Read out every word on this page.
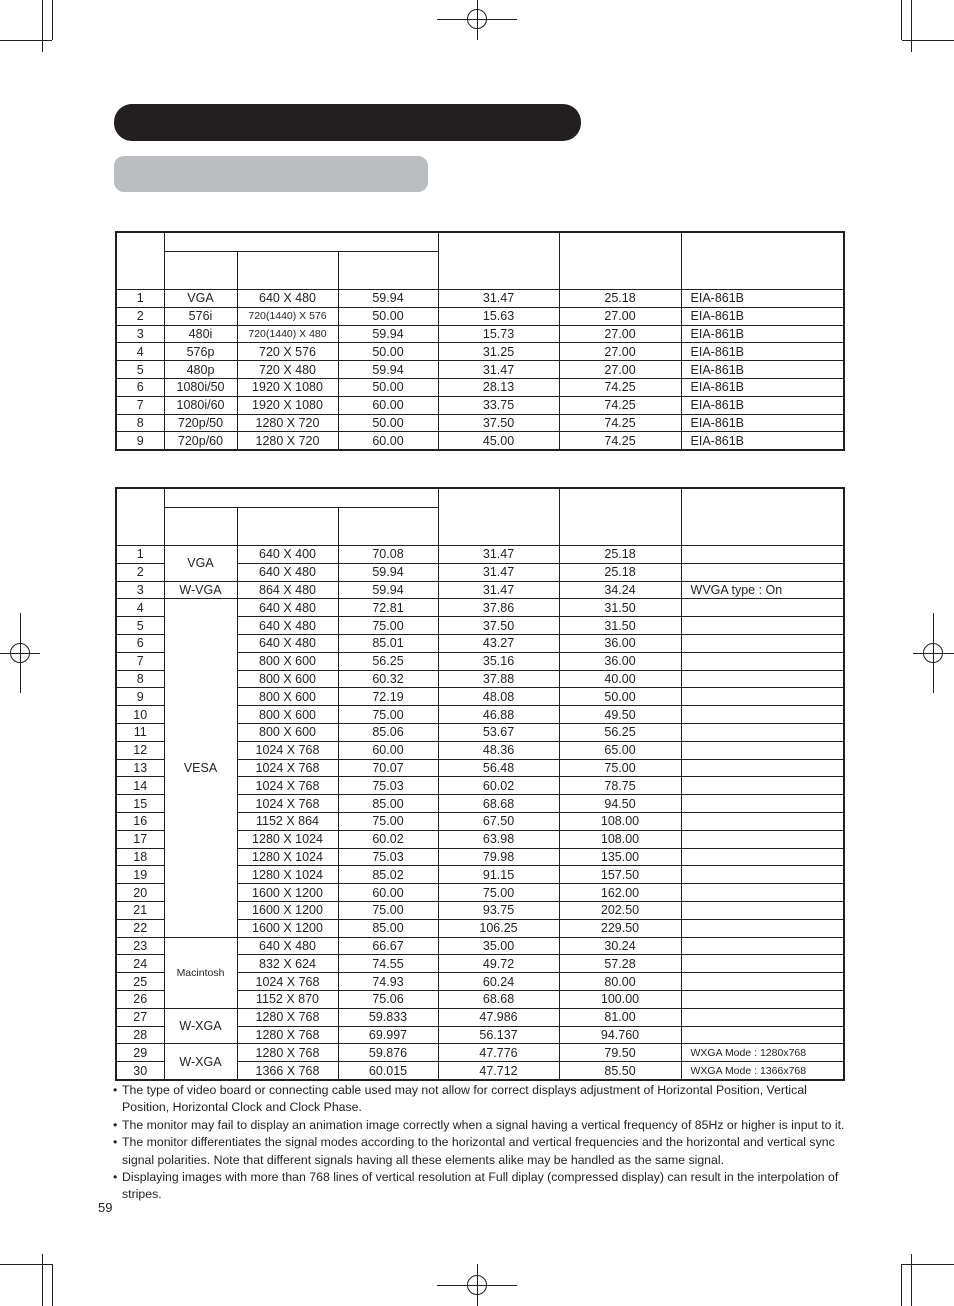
1	VGA	640 X 480	59.94	31.47	25.18	EIA-861B
2	576i	720(1440) X 576	50.00	15.63	27.00	EIA-861B
3	480i	720(1440) X 480	59.94	15.73	27.00	EIA-861B
4	576p	720 X 576	50.00	31.25	27.00	EIA-861B
5	480p	720 X 480	59.94	31.47	27.00	EIA-861B
6	1080i/50	1920 X 1080	50.00	28.13	74.25	EIA-861B
7	1080i/60	1920 X 1080	60.00	33.75	74.25	EIA-861B
8	720p/50	1280 X 720	50.00	37.50	74.25	EIA-861B
9	720p/60	1280 X 720	60.00	45.00	74.25	EIA-861B

1	VGA	640 X 400	70.08	31.47	25.18	
2		640 X 480	59.94	31.47	25.18	
3	W-VGA	864 X 480	59.94	31.47	34.24	WVGA type : On
4	VESA	640 X 480	72.81	37.86	31.50	
5		640 X 480	75.00	37.50	31.50	
6		640 X 480	85.01	43.27	36.00	
7		800 X 600	56.25	35.16	36.00	
8		800 X 600	60.32	37.88	40.00	
9		800 X 600	72.19	48.08	50.00	
10		800 X 600	75.00	46.88	49.50	
11		800 X 600	85.06	53.67	56.25	
12		1024 X 768	60.00	48.36	65.00	
13		1024 X 768	70.07	56.48	75.00	
14		1024 X 768	75.03	60.02	78.75	
15		1024 X 768	85.00	68.68	94.50	
16		1152 X 864	75.00	67.50	108.00	
17		1280 X 1024	60.02	63.98	108.00	
18		1280 X 1024	75.03	79.98	135.00	
19		1280 X 1024	85.02	91.15	157.50	
20		1600 X 1200	60.00	75.00	162.00	
21		1600 X 1200	75.00	93.75	202.50	
22		1600 X 1200	85.00	106.25	229.50	
23	Macintosh	640 X 480	66.67	35.00	30.24	
24		832 X 624	74.55	49.72	57.28	
25		1024 X 768	74.93	60.24	80.00	
26		1152 X 870	75.06	68.68	100.00	
27	W-XGA	1280 X 768	59.833	47.986	81.00	
28		1280 X 768	69.997	56.137	94.760	
29	W-XGA	1280 X 768	59.876	47.776	79.50	WXGA Mode : 1280x768
30		1366 X 768	60.015	47.712	85.50	WXGA Mode : 1366x768

• The type of video board or connecting cable used may not allow for correct displays adjustment of Horizontal Position, Vertical Position, Horizontal Clock and Clock Phase.

• The monitor may fail to display an animation image correctly when a signal having a vertical frequency of 85Hz or higher is input to it.

• The monitor differentiates the signal modes according to the horizontal and vertical frequencies and the horizontal and vertical sync signal polarities. Note that different signals having all these elements alike may be handled as the same signal.

• Displaying images with more than 768 lines of vertical resolution at Full diplay (compressed display) can result in the interpolation of stripes.

59
